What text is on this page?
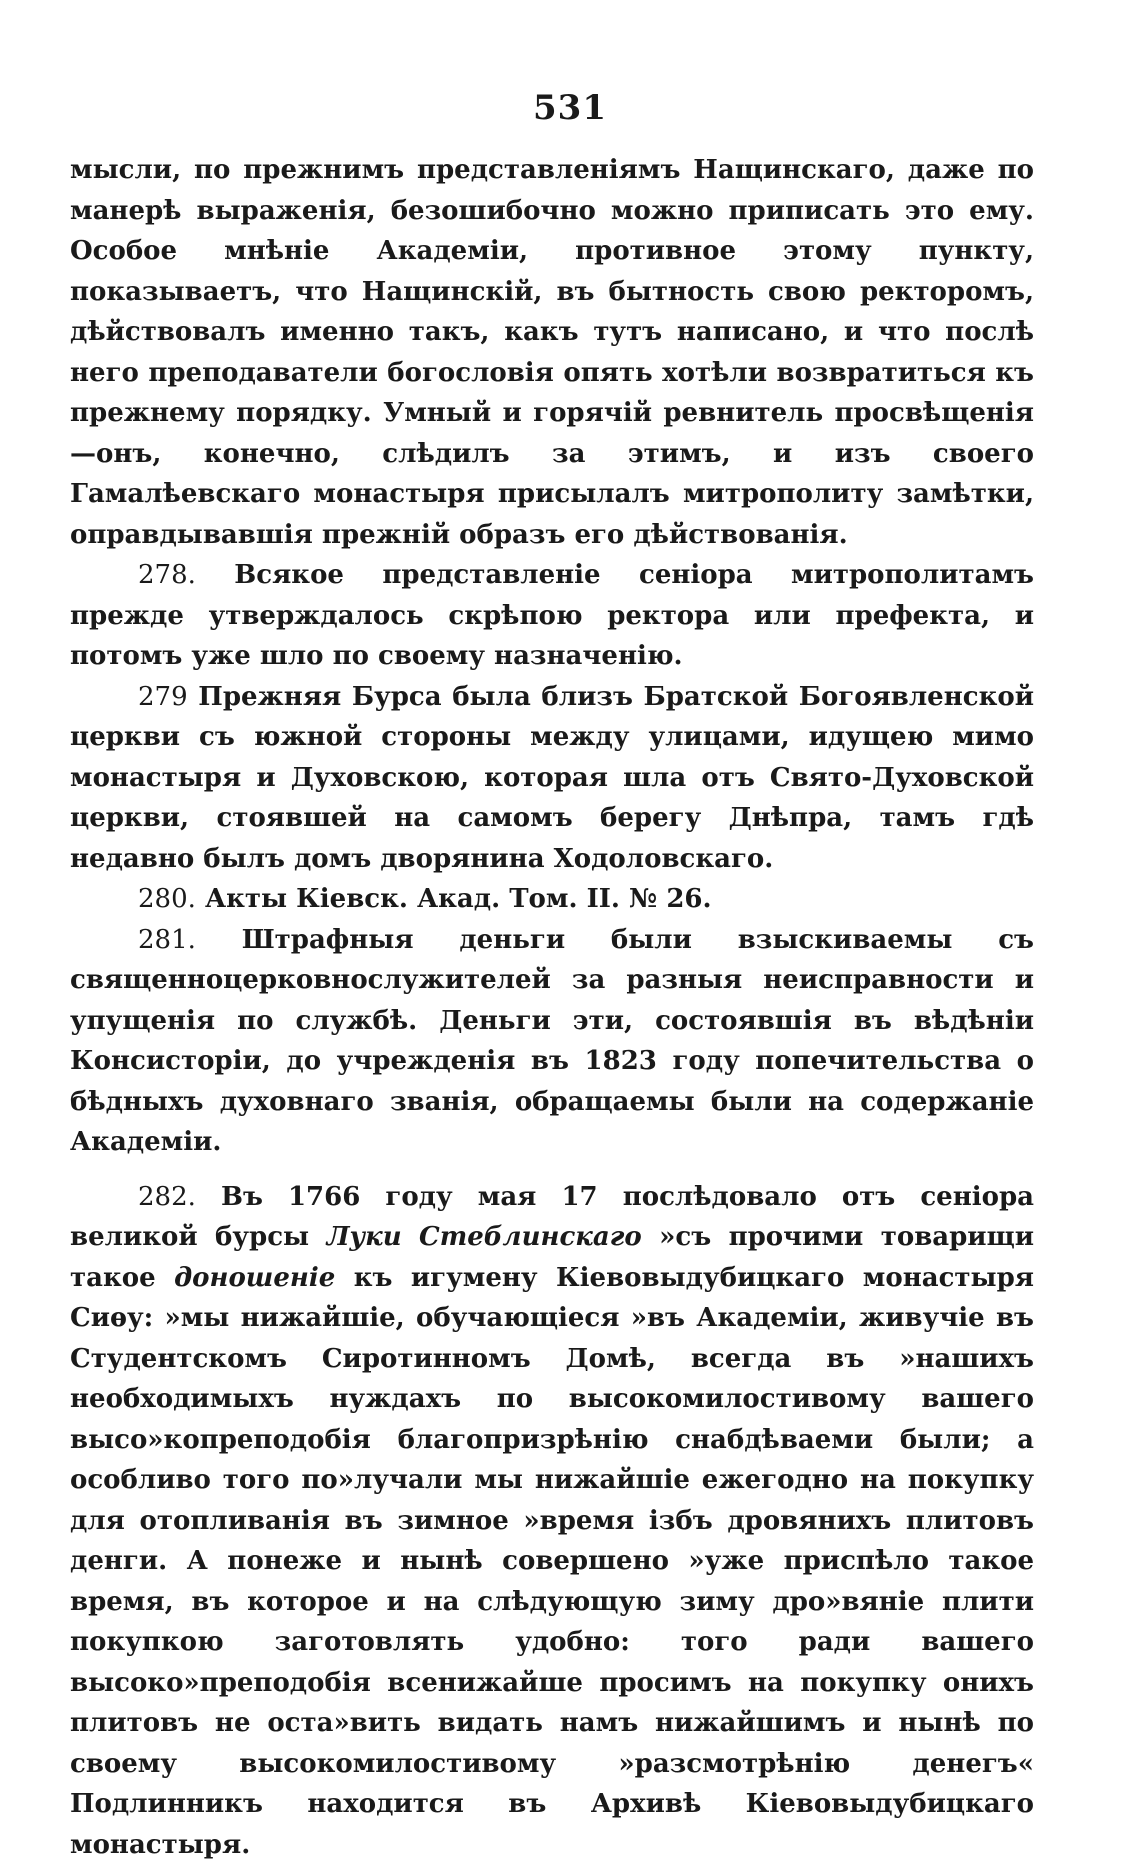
531

мысли, по прежнимъ представленіямъ Нащинскаго, даже по манерѣ выраженія, безошибочно можно приписать это ему. Особое мнѣніе Академіи, противное этому пункту, показываетъ, что Нащинскій, въ бытность свою ректоромъ, дѣйствовалъ именно такъ, какъ тутъ написано, и что послѣ него преподаватели богословія опять хотѣли возвратиться къ прежнему порядку. Умный и горячій ревнитель просвѣщенія—онъ, конечно, слѣдилъ за этимъ, и изъ своего Гамалѣевскаго монастыря присылалъ митрополиту замѣтки, оправдывавшія прежній образъ его дѣйствованія.

278. Всякое представленіе сеніора митрополитамъ прежде утверждалось скрѣпою ректора или префекта, и потомъ уже шло по своему назначенію.

279 Прежняя Бурса была близъ Братской Богоявленской церкви съ южной стороны между улицами, идущею мимо монастыря и Духовскою, которая шла отъ Свято-Духовской церкви, стоявшей на самомъ берегу Днѣпра, тамъ гдѣ недавно былъ домъ дворянина Ходоловскаго.

280. Акты Кіевск. Акад. Том. II. № 26.

281. Штрафныя деньги были взыскиваемы съ священноцерковнослужителей за разныя неисправности и упущенія по службѣ. Деньги эти, состоявшія въ вѣдѣніи Консисторіи, до учрежденія въ 1823 году попечительства о бѣдныхъ духовнаго званія, обращаемы были на содержаніе Академіи.

282. Въ 1766 году мая 17 послѣдовало отъ сеніора великой бурсы Луки Стеблинскаго »съ прочими товарищи такое доношеніе къ игумену Кіевовыдубицкаго монастыря Сиѳу: »мы нижайшіе, обучающіеся »въ Академіи, живучіе въ Студентскомъ Сиротинномъ Домѣ, всегда въ »нашихъ необходимыхъ нуждахъ по высокомилостивому вашего высо»копреподобія благопризрѣнію снабдѣваеми были; а особливо того по»лучали мы нижайшіе ежегодно на покупку для отопливанія въ зимное »время ізбъ дровянихъ плитовъ денги. А понеже и нынѣ совершено »уже приспѣло такое время, въ которое и на слѣдующую зиму дро»вяніе плити покупкою заготовлять удобно: того ради вашего высоко»преподобія всенижайше просимъ на покупку онихъ плитовъ не оста»вить видать намъ нижайшимъ и нынѣ по своему высокомилостивому »разсмотрѣнію денегъ« Подлинникъ находится въ Архивѣ Кіевовыдубицкаго монастыря.
